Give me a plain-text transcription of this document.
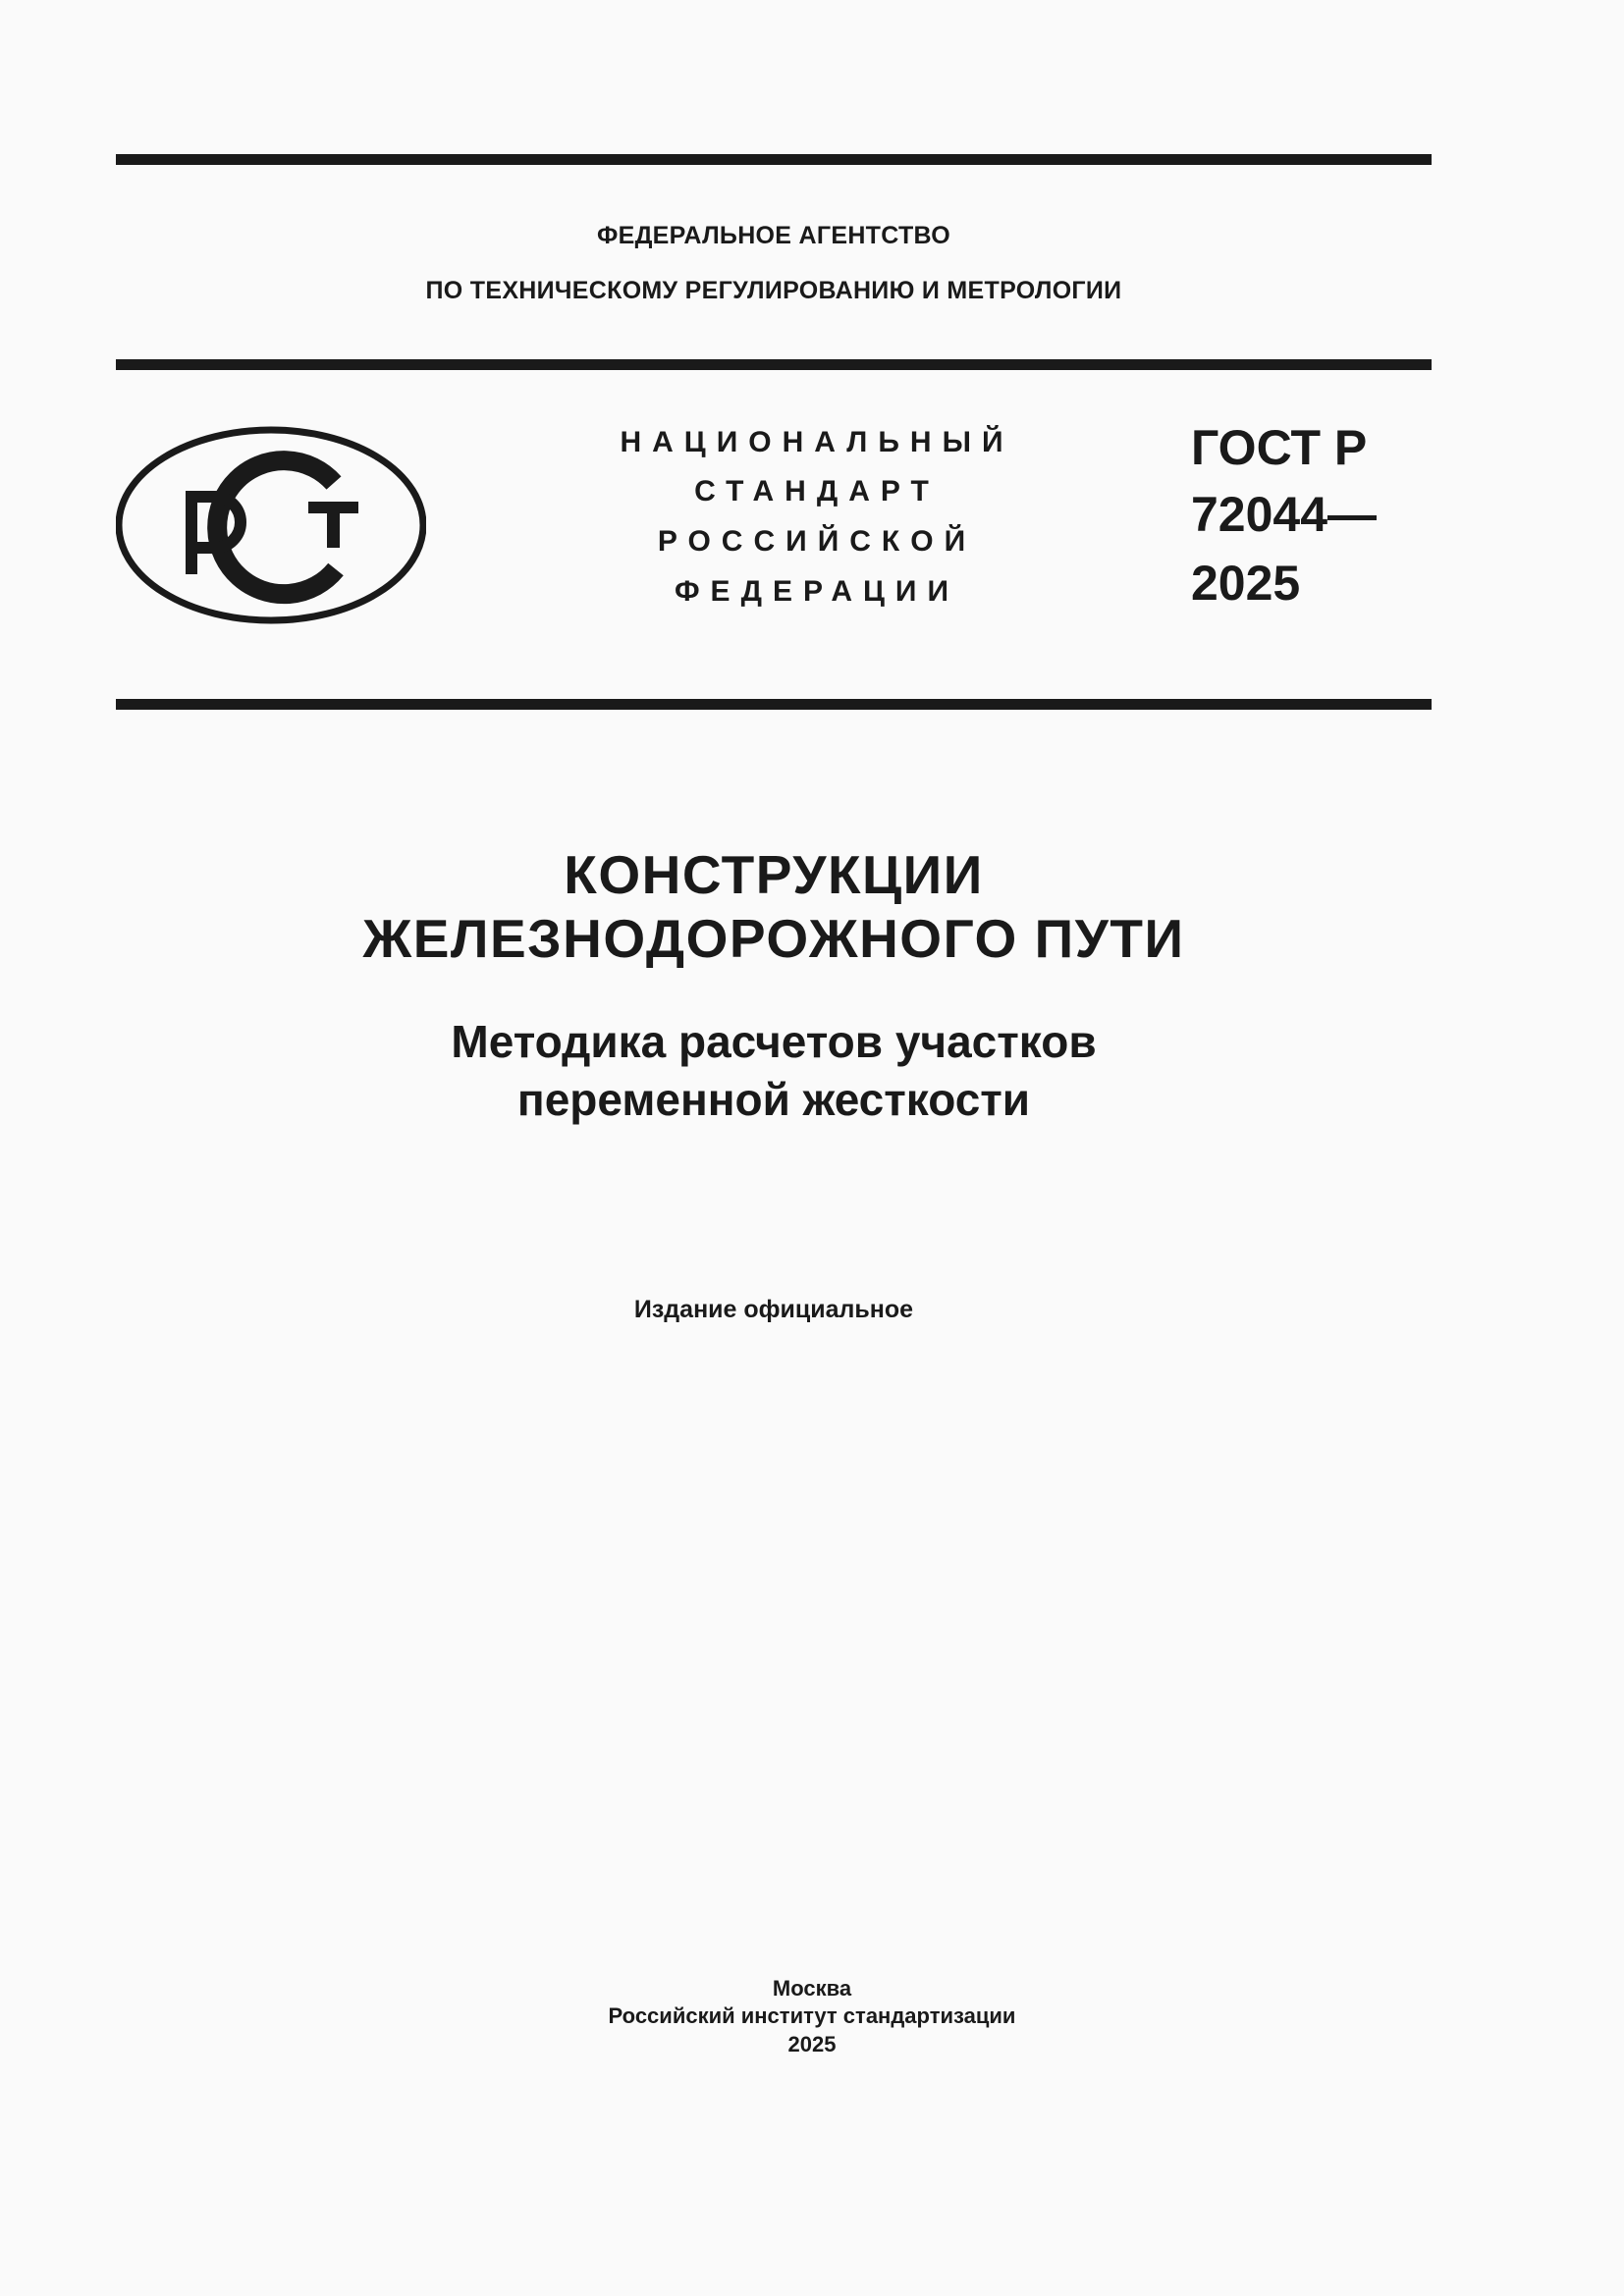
ФЕДЕРАЛЬНОЕ АГЕНТСТВО
ПО ТЕХНИЧЕСКОМУ РЕГУЛИРОВАНИЮ И МЕТРОЛОГИИ
НАЦИОНАЛЬНЫЙ
СТАНДАРТ
РОССИЙСКОЙ
ФЕДЕРАЦИИ
ГОСТ Р
72044—
2025
КОНСТРУКЦИИ
ЖЕЛЕЗНОДОРОЖНОГО ПУТИ
Методика расчетов участков
переменной жесткости
Издание официальное
Москва
Российский институт стандартизации
2025
